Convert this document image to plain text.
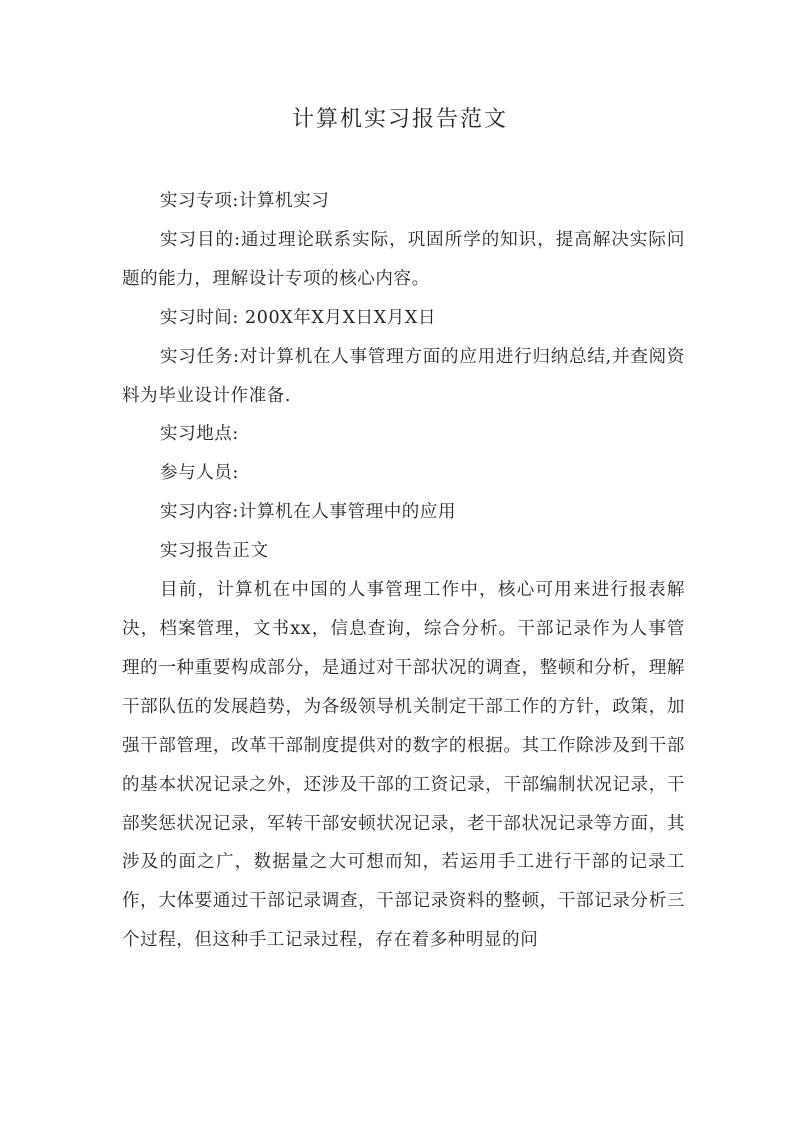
计算机实习报告范文

实习专项:计算机实习

实习目的:通过理论联系实际，巩固所学的知识，提高解决实际问题的能力，理解设计专项的核心内容。

实习时间: 200X年X月X日X月X日

实习任务:对计算机在人事管理方面的应用进行归纳总结,并查阅资料为毕业设计作准备.

实习地点:

参与人员:

实习内容:计算机在人事管理中的应用

实习报告正文

目前，计算机在中国的人事管理工作中，核心可用来进行报表解决，档案管理，文书xx，信息查询，综合分析。干部记录作为人事管理的一种重要构成部分，是通过对干部状况的调查，整顿和分析，理解干部队伍的发展趋势，为各级领导机关制定干部工作的方针，政策，加强干部管理，改革干部制度提供对的数字的根据。其工作除涉及到干部的基本状况记录之外，还涉及干部的工资记录，干部编制状况记录，干部奖惩状况记录，军转干部安顿状况记录，老干部状况记录等方面，其涉及的面之广，数据量之大可想而知，若运用手工进行干部的记录工作，大体要通过干部记录调查，干部记录资料的整顿，干部记录分析三个过程，但这种手工记录过程，存在着多种明显的问
